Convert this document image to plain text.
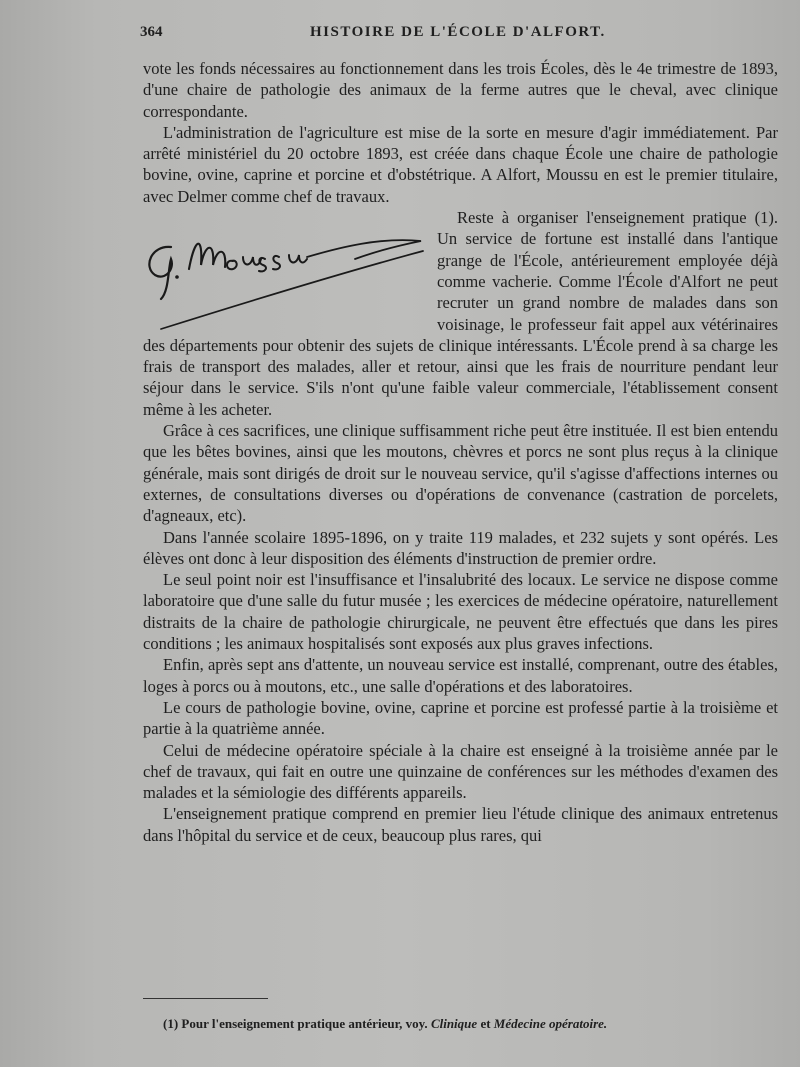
364	HISTOIRE DE L'ÉCOLE D'ALFORT.

vote les fonds nécessaires au fonctionnement dans les trois Écoles, dès le 4e trimestre de 1893, d'une chaire de pathologie des animaux de la ferme autres que le cheval, avec clinique correspondante.

L'administration de l'agriculture est mise de la sorte en mesure d'agir immédiatement. Par arrêté ministériel du 20 octobre 1893, est créée dans chaque École une chaire de pathologie bovine, ovine, caprine et porcine et d'obstétrique. A Alfort, Moussu en est le premier titulaire, avec Delmer comme chef de travaux.

Reste à organiser l'enseignement pratique (1). Un service de fortune est installé dans l'antique grange de l'École, antérieurement employée déjà comme vacherie. Comme l'École d'Alfort ne peut recruter un grand nombre de malades dans son voisinage, le professeur fait appel aux vétérinaires des départements pour obtenir des sujets de clinique intéressants. L'École prend à sa charge les frais de transport des malades, aller et retour, ainsi que les frais de nourriture pendant leur séjour dans le service. S'ils n'ont qu'une faible valeur commerciale, l'établissement consent même à les acheter.

Grâce à ces sacrifices, une clinique suffisamment riche peut être instituée. Il est bien entendu que les bêtes bovines, ainsi que les moutons, chèvres et porcs ne sont plus reçus à la clinique générale, mais sont dirigés de droit sur le nouveau service, qu'il s'agisse d'affections internes ou externes, de consultations diverses ou d'opérations de convenance (castration de porcelets, d'agneaux, etc).

Dans l'année scolaire 1895-1896, on y traite 119 malades, et 232 sujets y sont opérés. Les élèves ont donc à leur disposition des éléments d'instruction de premier ordre.

Le seul point noir est l'insuffisance et l'insalubrité des locaux. Le service ne dispose comme laboratoire que d'une salle du futur musée ; les exercices de médecine opératoire, naturellement distraits de la chaire de pathologie chirurgicale, ne peuvent être effectués que dans les pires conditions ; les animaux hospitalisés sont exposés aux plus graves infections.

Enfin, après sept ans d'attente, un nouveau service est installé, comprenant, outre des étables, loges à porcs ou à moutons, etc., une salle d'opérations et des laboratoires.

Le cours de pathologie bovine, ovine, caprine et porcine est professé partie à la troisième et partie à la quatrième année.

Celui de médecine opératoire spéciale à la chaire est enseigné à la troisième année par le chef de travaux, qui fait en outre une quinzaine de conférences sur les méthodes d'examen des malades et la sémiologie des différents appareils.

L'enseignement pratique comprend en premier lieu l'étude clinique des animaux entretenus dans l'hôpital du service et de ceux, beaucoup plus rares, qui

(1) Pour l'enseignement pratique antérieur, voy. Clinique et Médecine opératoire.
